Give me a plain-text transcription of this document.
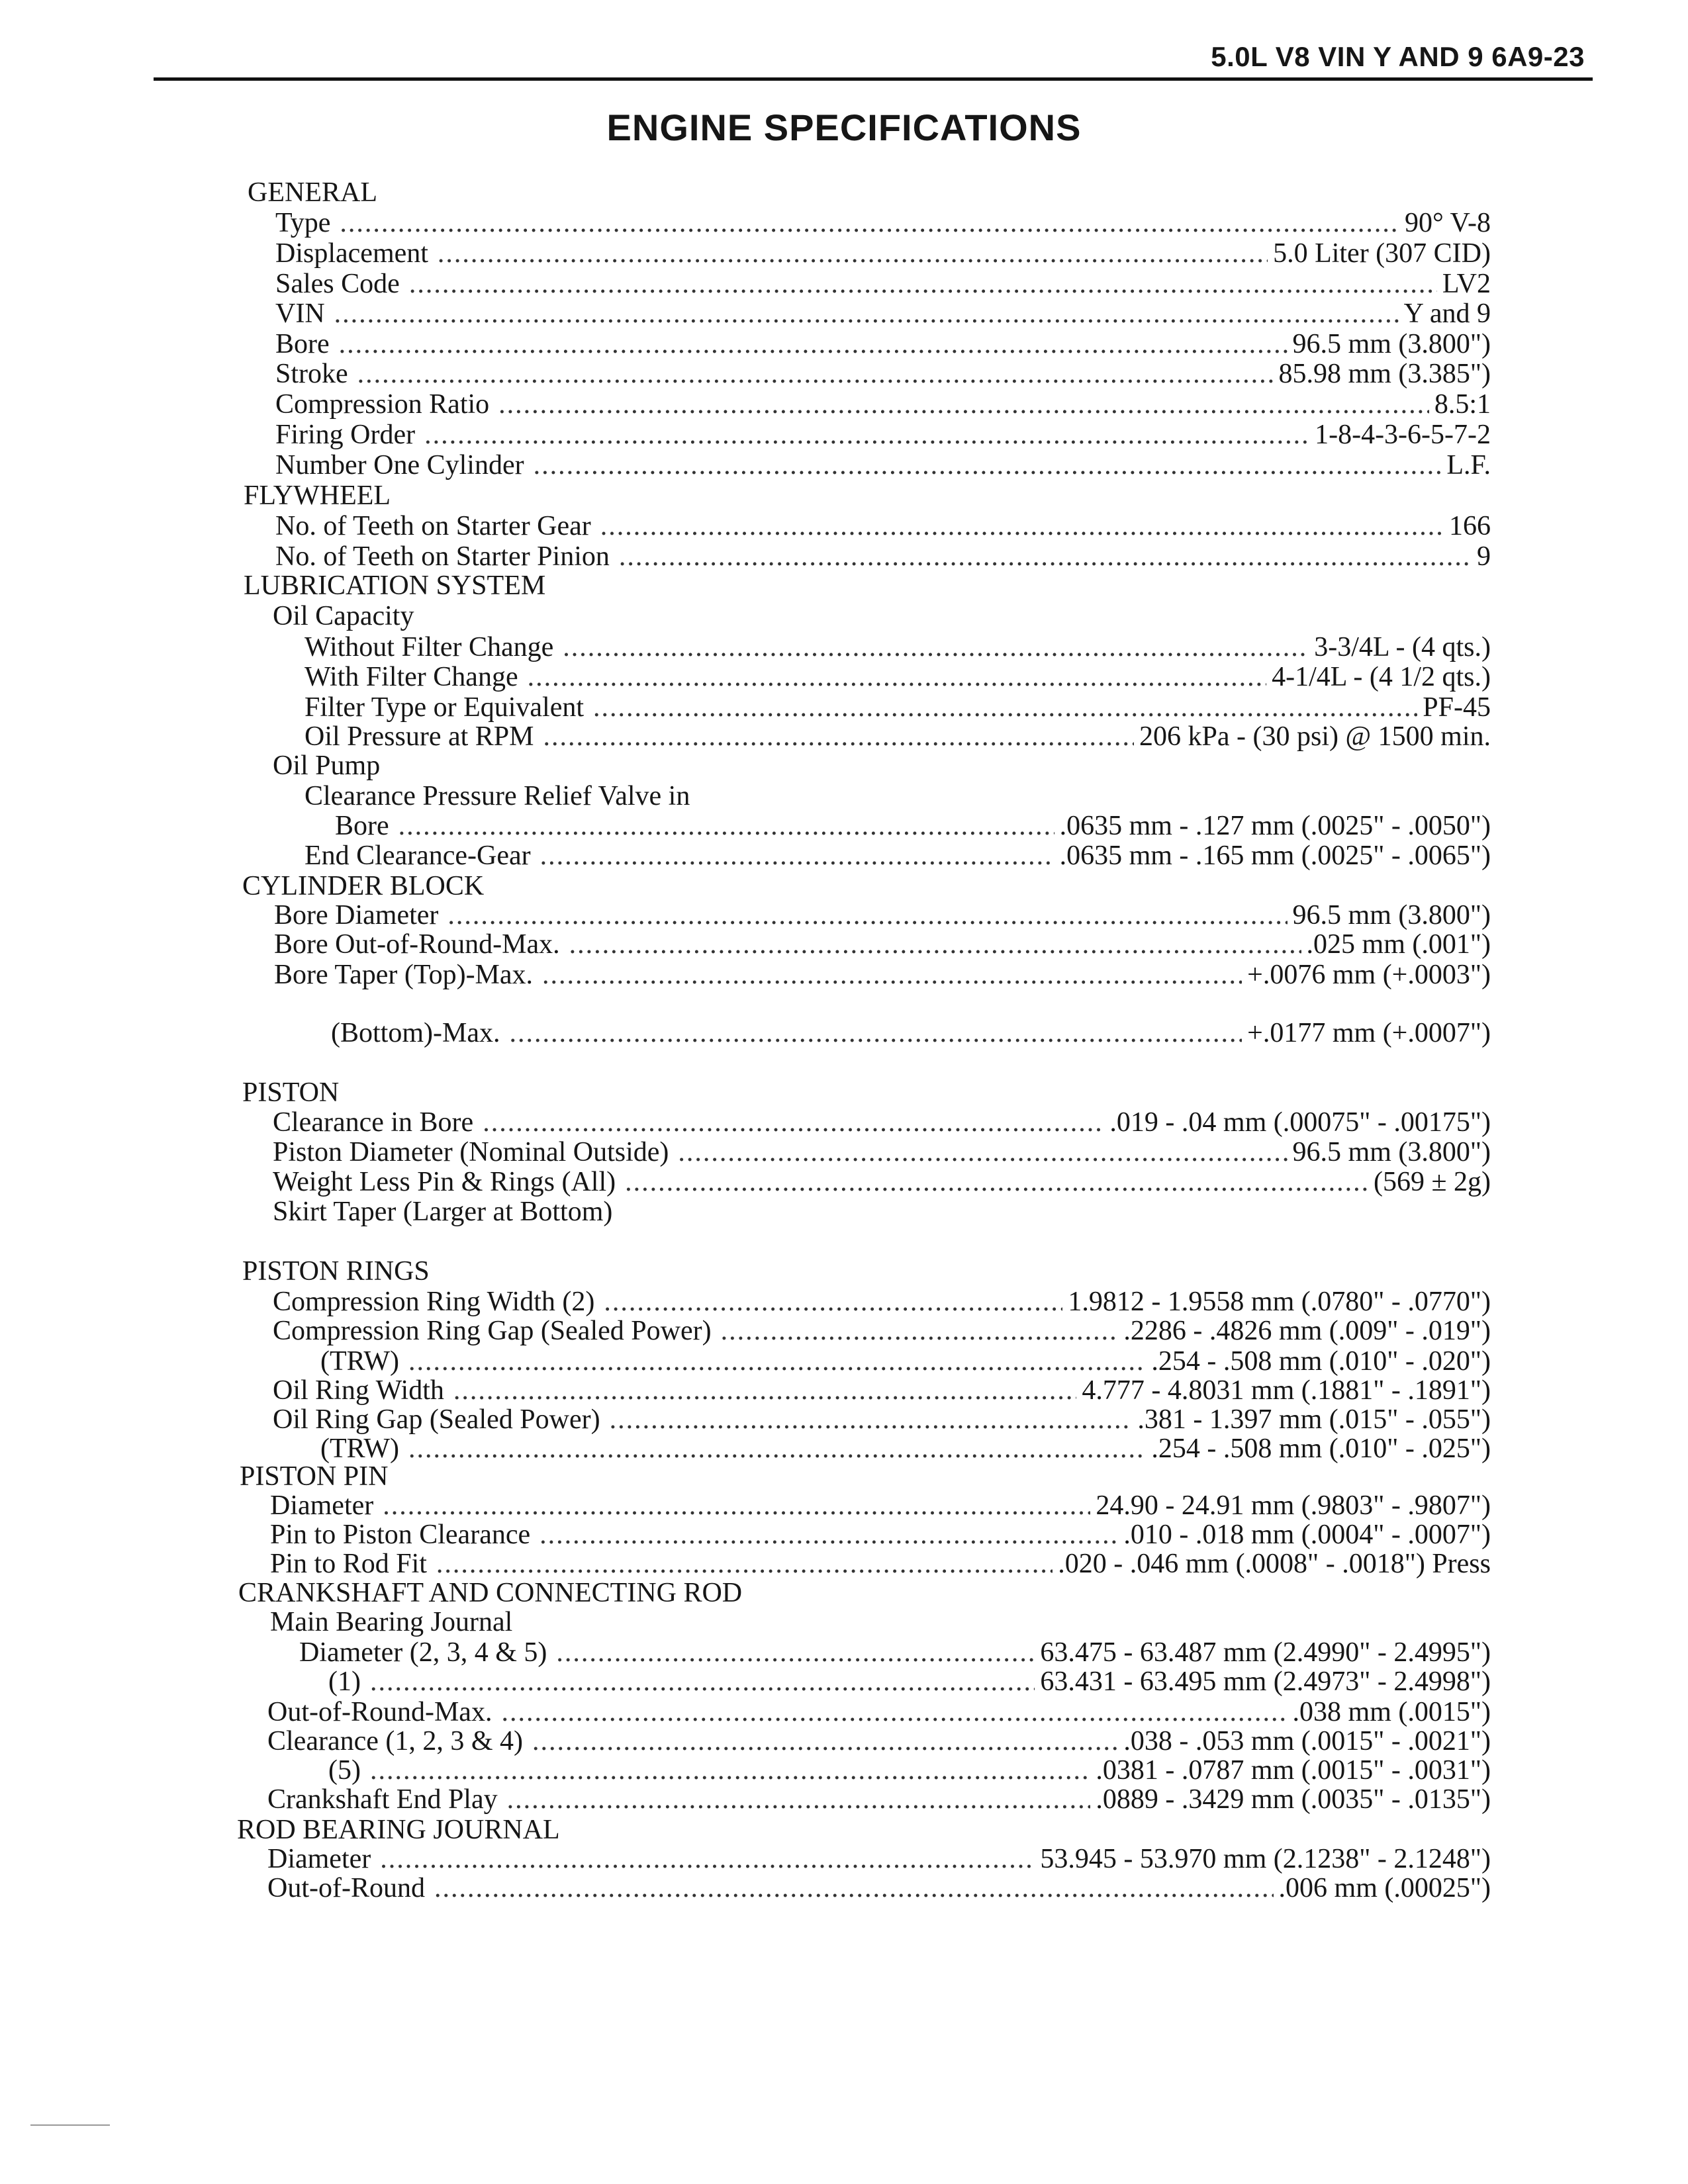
5.0L V8 VIN Y AND 9 6A9-23
ENGINE SPECIFICATIONS
GENERAL
Type .....	90° V-8
Displacement .....	5.0 Liter (307 CID)
Sales Code .....	LV2
VIN .....	Y and 9
Bore .....	96.5 mm (3.800")
Stroke .....	85.98 mm (3.385")
Compression Ratio .....	8.5:1
Firing Order .....	1-8-4-3-6-5-7-2
Number One Cylinder .....	L.F.
FLYWHEEL
No. of Teeth on Starter Gear .....	166
No. of Teeth on Starter Pinion .....	9
LUBRICATION SYSTEM
Oil Capacity
Without Filter Change .....	3-3/4L - (4 qts.)
With Filter Change .....	4-1/4L - (4 1/2 qts.)
Filter Type or Equivalent .....	PF-45
Oil Pressure at RPM .....	206 kPa - (30 psi) @ 1500 min.
Oil Pump
Clearance Pressure Relief Valve in
Bore .....	.0635 mm - .127 mm (.0025" - .0050")
End Clearance-Gear .....	.0635 mm - .165 mm (.0025" - .0065")
CYLINDER BLOCK
Bore Diameter .....	96.5 mm (3.800")
Bore Out-of-Round-Max. .....	.025 mm (.001")
Bore Taper (Top)-Max. .....	+.0076 mm (+.0003")
(Bottom)-Max. .....	+.0177 mm (+.0007")
PISTON
Clearance in Bore .....	.019 - .04 mm (.00075" - .00175")
Piston Diameter (Nominal Outside) .....	96.5 mm (3.800")
Weight Less Pin & Rings (All) .....	(569 ± 2g)
Skirt Taper (Larger at Bottom)
PISTON RINGS
Compression Ring Width (2) .....	1.9812 - 1.9558 mm (.0780" - .0770")
Compression Ring Gap (Sealed Power) .....	.2286 - .4826 mm (.009" - .019")
(TRW) .....	.254 - .508 mm (.010" - .020")
Oil Ring Width .....	4.777 - 4.8031 mm (.1881" - .1891")
Oil Ring Gap (Sealed Power) .....	.381 - 1.397 mm (.015" - .055")
(TRW) .....	.254 - .508 mm (.010" - .025")
PISTON PIN
Diameter .....	24.90 - 24.91 mm (.9803" - .9807")
Pin to Piston Clearance .....	.010 - .018 mm (.0004" - .0007")
Pin to Rod Fit .....	.020 - .046 mm (.0008" - .0018") Press
CRANKSHAFT AND CONNECTING ROD
Main Bearing Journal
Diameter (2, 3, 4 & 5) .....	63.475 - 63.487 mm (2.4990" - 2.4995")
(1) .....	63.431 - 63.495 mm (2.4973" - 2.4998")
Out-of-Round-Max. .....	.038 mm (.0015")
Clearance (1, 2, 3 & 4) .....	.038 - .053 mm (.0015" - .0021")
(5) .....	.0381 - .0787 mm (.0015" - .0031")
Crankshaft End Play .....	.0889 - .3429 mm (.0035" - .0135")
ROD BEARING JOURNAL
Diameter .....	53.945 - 53.970 mm (2.1238" - 2.1248")
Out-of-Round .....	.006 mm (.00025")
